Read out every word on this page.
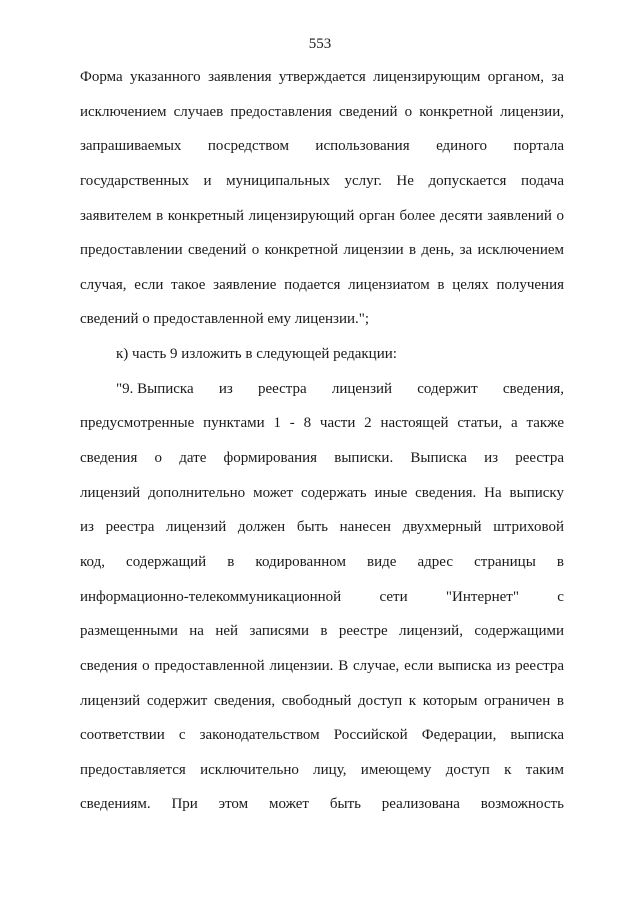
553
Форма указанного заявления утверждается лицензирующим органом, за
исключением случаев предоставления сведений о конкретной лицензии,
запрашиваемых посредством использования единого портала
государственных и муниципальных услуг. Не допускается подача
заявителем в конкретный лицензирующий орган более десяти заявлений о
предоставлении сведений о конкретной лицензии в день, за исключением
случая, если такое заявление подается лицензиатом в целях получения
сведений о предоставленной ему лицензии.";
к) часть 9 изложить в следующей редакции:
"9. Выписка из реестра лицензий содержит сведения,
предусмотренные пунктами 1 - 8 части 2 настоящей статьи, а также
сведения о дате формирования выписки. Выписка из реестра
лицензий дополнительно может содержать иные сведения. На выписку
из реестра лицензий должен быть нанесен двухмерный штриховой
код, содержащий в кодированном виде адрес страницы в
информационно-телекоммуникационной	сети	"Интернет"	с
размещенными на ней записями в реестре лицензий, содержащими
сведения о предоставленной лицензии. В случае, если выписка из реестра
лицензий содержит сведения, свободный доступ к которым ограничен в
соответствии с законодательством Российской Федерации, выписка
предоставляется исключительно лицу, имеющему доступ к таким
сведениям. При этом может быть реализована возможность
